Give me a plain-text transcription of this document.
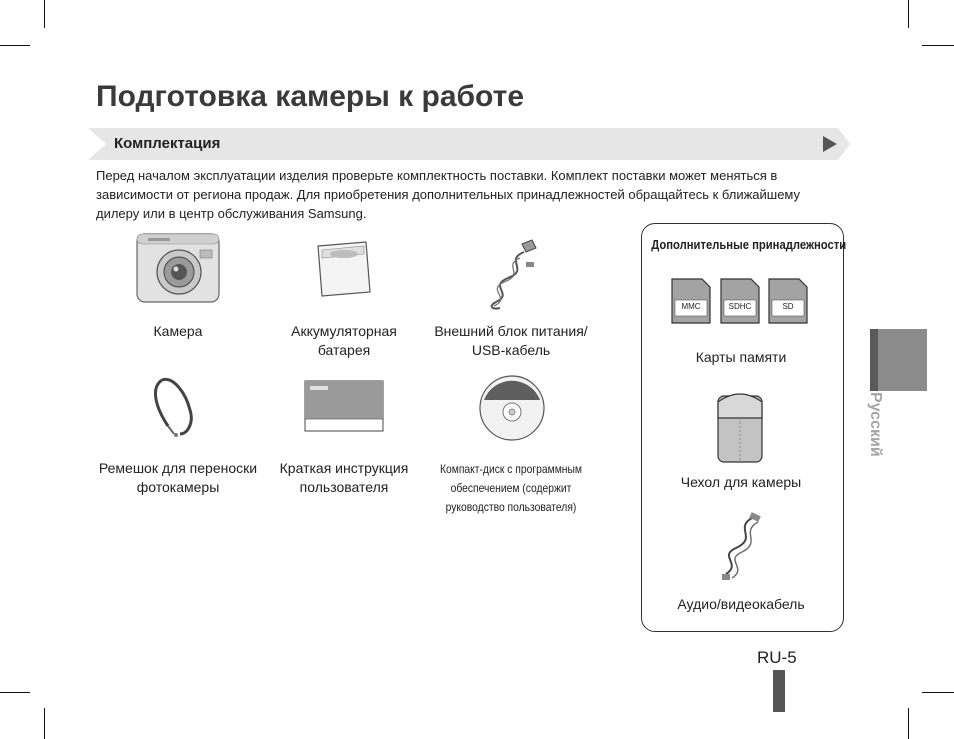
Подготовка камеры к работе
Комплектация
Перед началом эксплуатации изделия проверьте комплектность поставки. Комплект поставки может меняться в зависимости от региона продаж. Для приобретения дополнительных принадлежностей обращайтесь к ближайшему дилеру или в центр обслуживания Samsung.
Камера	Аккумуляторная
батарея
Внешний блок питания/
USB-кабель
Ремешок для переноски
фотокамеры
Краткая инструкция
пользователя
Компакт-диск с программным
обеспечением (содержит
руководство пользователя)
Дополнительные принадлежности
MMC	SDHC	SD
Карты памяти
Чехол для камеры
Аудио/видеокабель
Русский
RU-5
